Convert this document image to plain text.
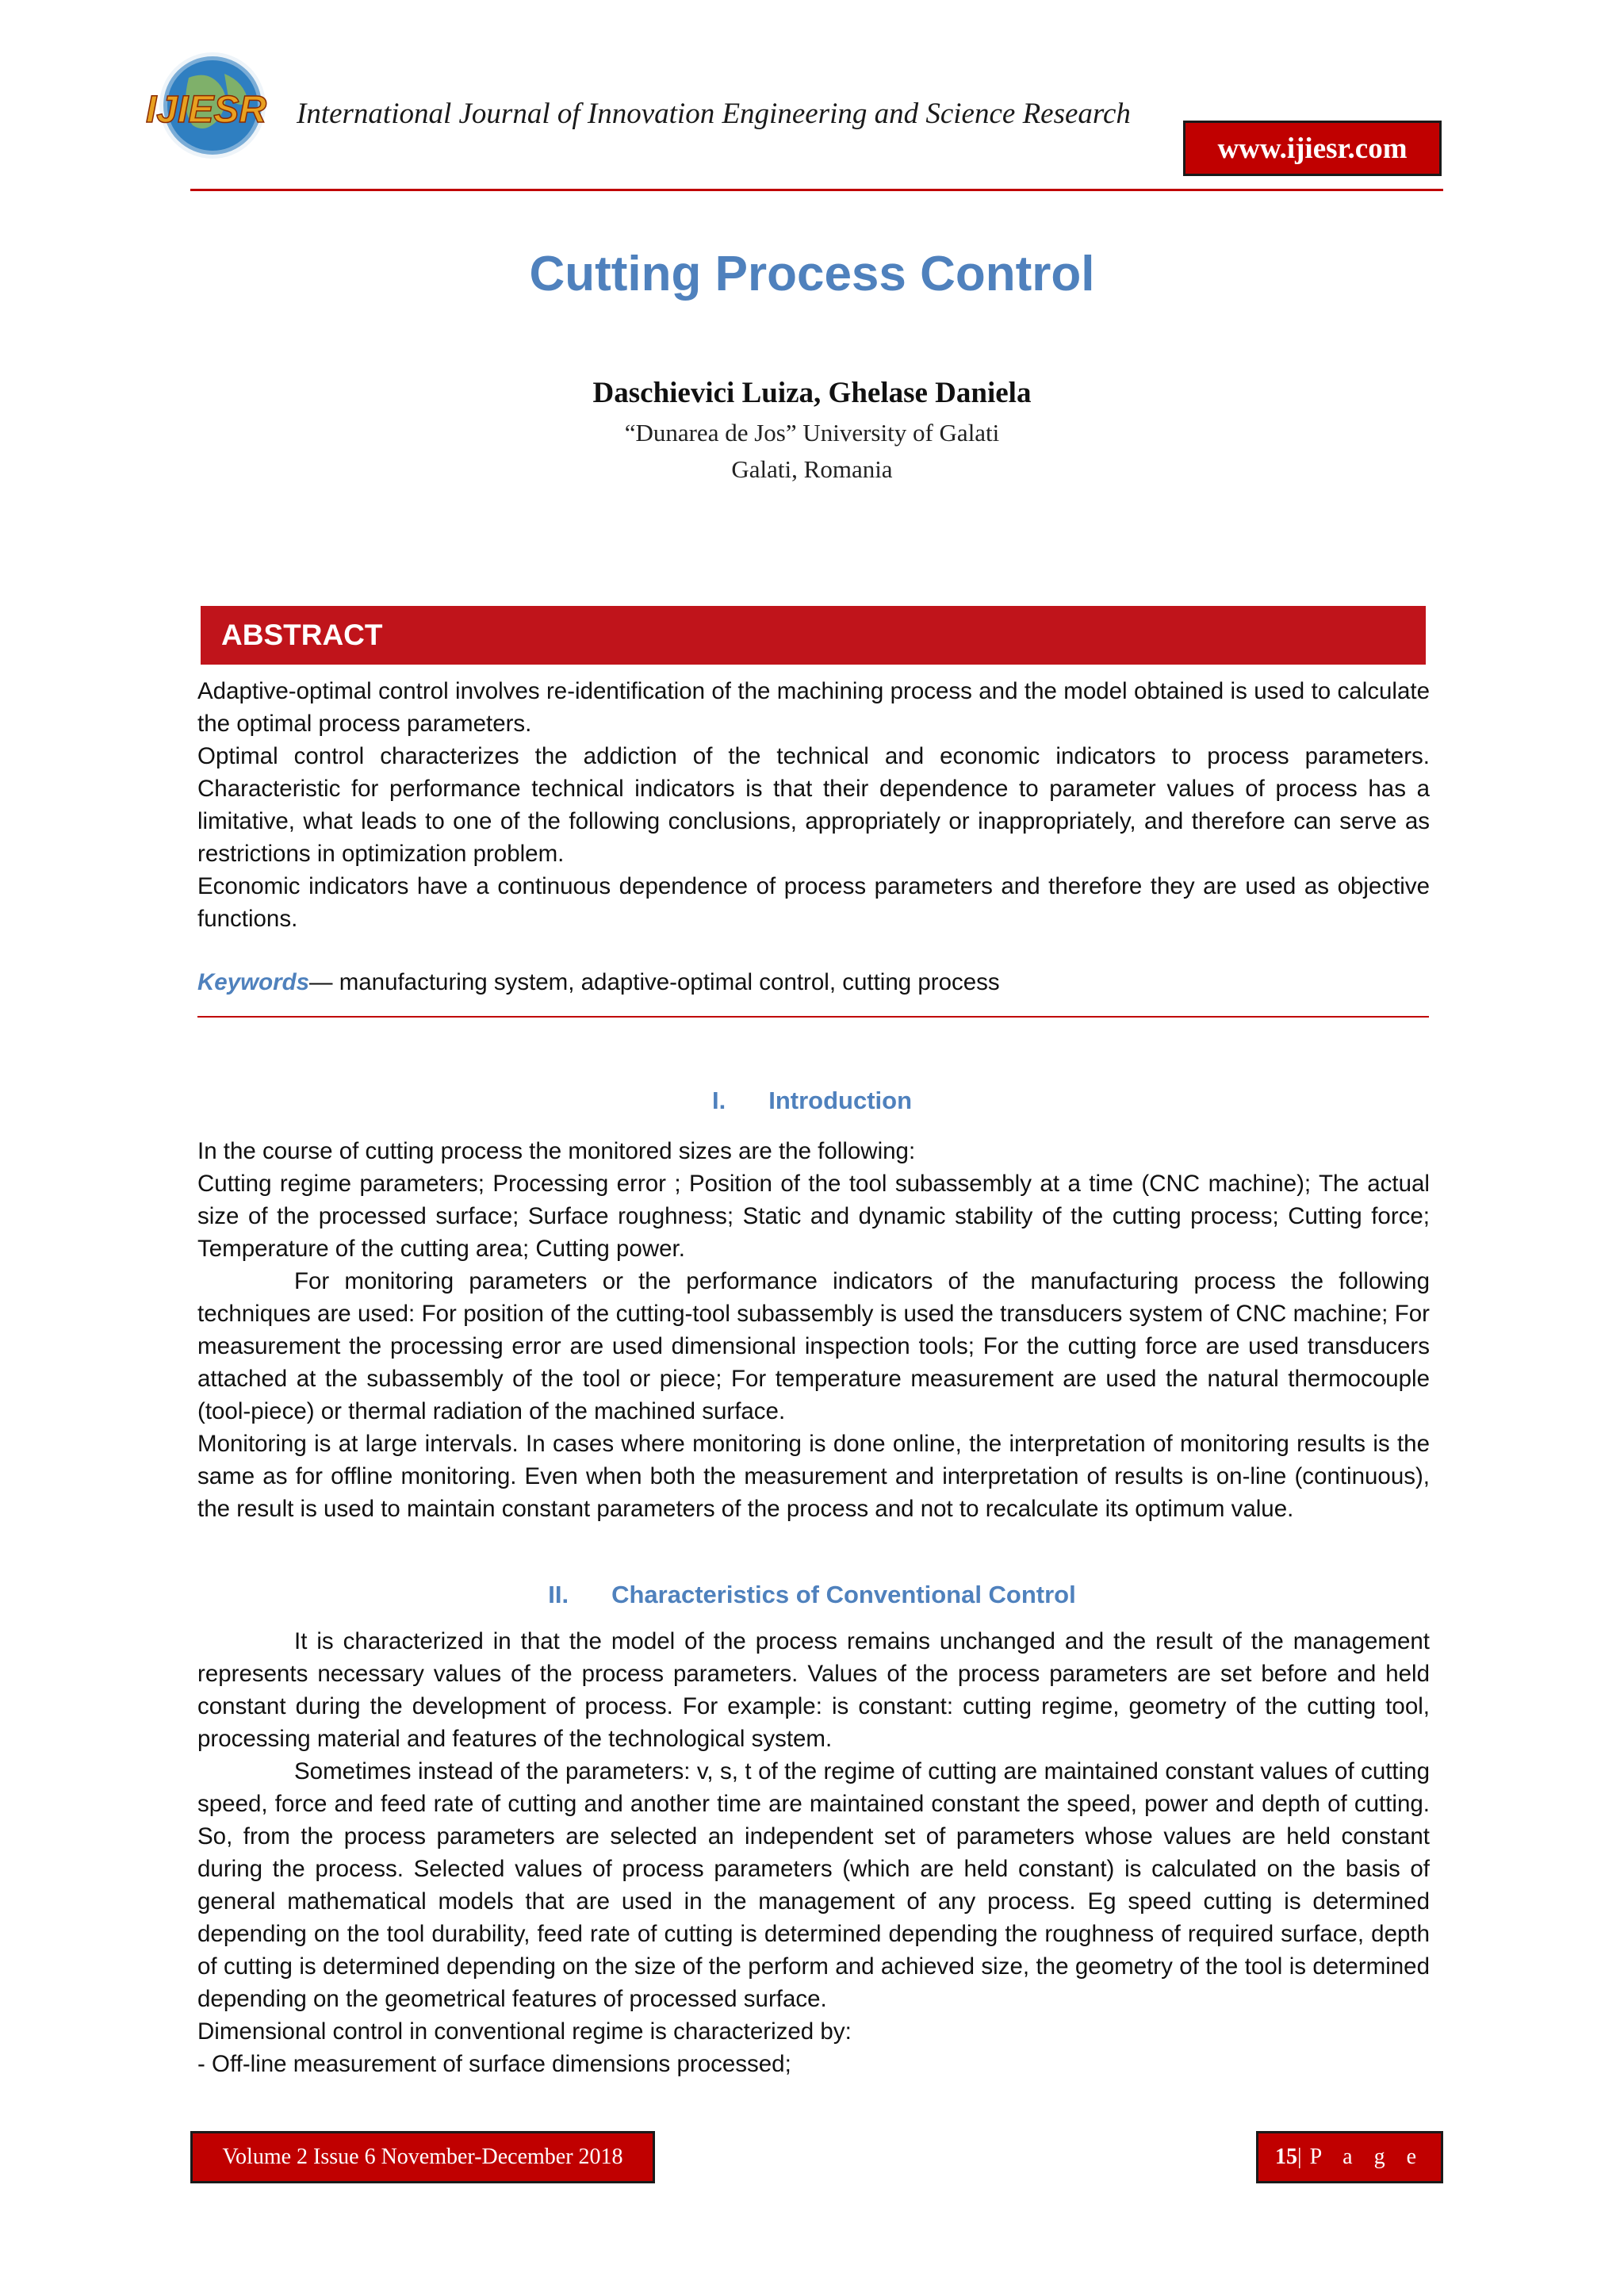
IJIESR International Journal of Innovation Engineering and Science Research
www.ijiesr.com
Cutting Process Control
Daschievici Luiza, Ghelase Daniela
“Dunarea de Jos” University of Galati
Galati, Romania
ABSTRACT

Adaptive-optimal control involves re-identification of the machining process and the model obtained is used to calculate the optimal process parameters.

Optimal control characterizes the addiction of the technical and economic indicators to process parameters. Characteristic for performance technical indicators is that their dependence to parameter values of process has a limitative, what leads to one of the following conclusions, appropriately or inappropriately, and therefore can serve as restrictions in optimization problem.

Economic indicators have a continuous dependence of process parameters and therefore they are used as objective functions.

Keywords— manufacturing system, adaptive-optimal control, cutting process
I. Introduction

In the course of cutting process the monitored sizes are the following:

Cutting regime parameters; Processing error ; Position of the tool subassembly at a time (CNC machine); The actual size of the processed surface; Surface roughness; Static and dynamic stability of the cutting process; Cutting force; Temperature of the cutting area; Cutting power.

For monitoring parameters or the performance indicators of the manufacturing process the following techniques are used: For position of the cutting-tool subassembly is used the transducers system of CNC machine; For measurement the processing error are used dimensional inspection tools; For the cutting force are used transducers attached at the subassembly of the tool or piece; For temperature measurement are used the natural thermocouple (tool-piece) or thermal radiation of the machined surface.

Monitoring is at large intervals. In cases where monitoring is done online, the interpretation of monitoring results is the same as for offline monitoring. Even when both the measurement and interpretation of results is on-line (continuous), the result is used to maintain constant parameters of the process and not to recalculate its optimum value.

II. Characteristics of Conventional Control

It is characterized in that the model of the process remains unchanged and the result of the management represents necessary values of the process parameters. Values of the process parameters are set before and held constant during the development of process. For example: is constant: cutting regime, geometry of the cutting tool, processing material and features of the technological system.

Sometimes instead of the parameters: v, s, t of the regime of cutting are maintained constant values of cutting speed, force and feed rate of cutting and another time are maintained constant the speed, power and depth of cutting. So, from the process parameters are selected an independent set of parameters whose values are held constant during the process. Selected values of process parameters (which are held constant) is calculated on the basis of general mathematical models that are used in the management of any process. Eg speed cutting is determined depending on the tool durability, feed rate of cutting is determined depending the roughness of required surface, depth of cutting is determined depending on the size of the perform and achieved size, the geometry of the tool is determined depending on the geometrical features of processed surface.

Dimensional control in conventional regime is characterized by:

- Off-line measurement of surface dimensions processed;

Volume 2 Issue 6 November-December 2018	15 |P a g e
